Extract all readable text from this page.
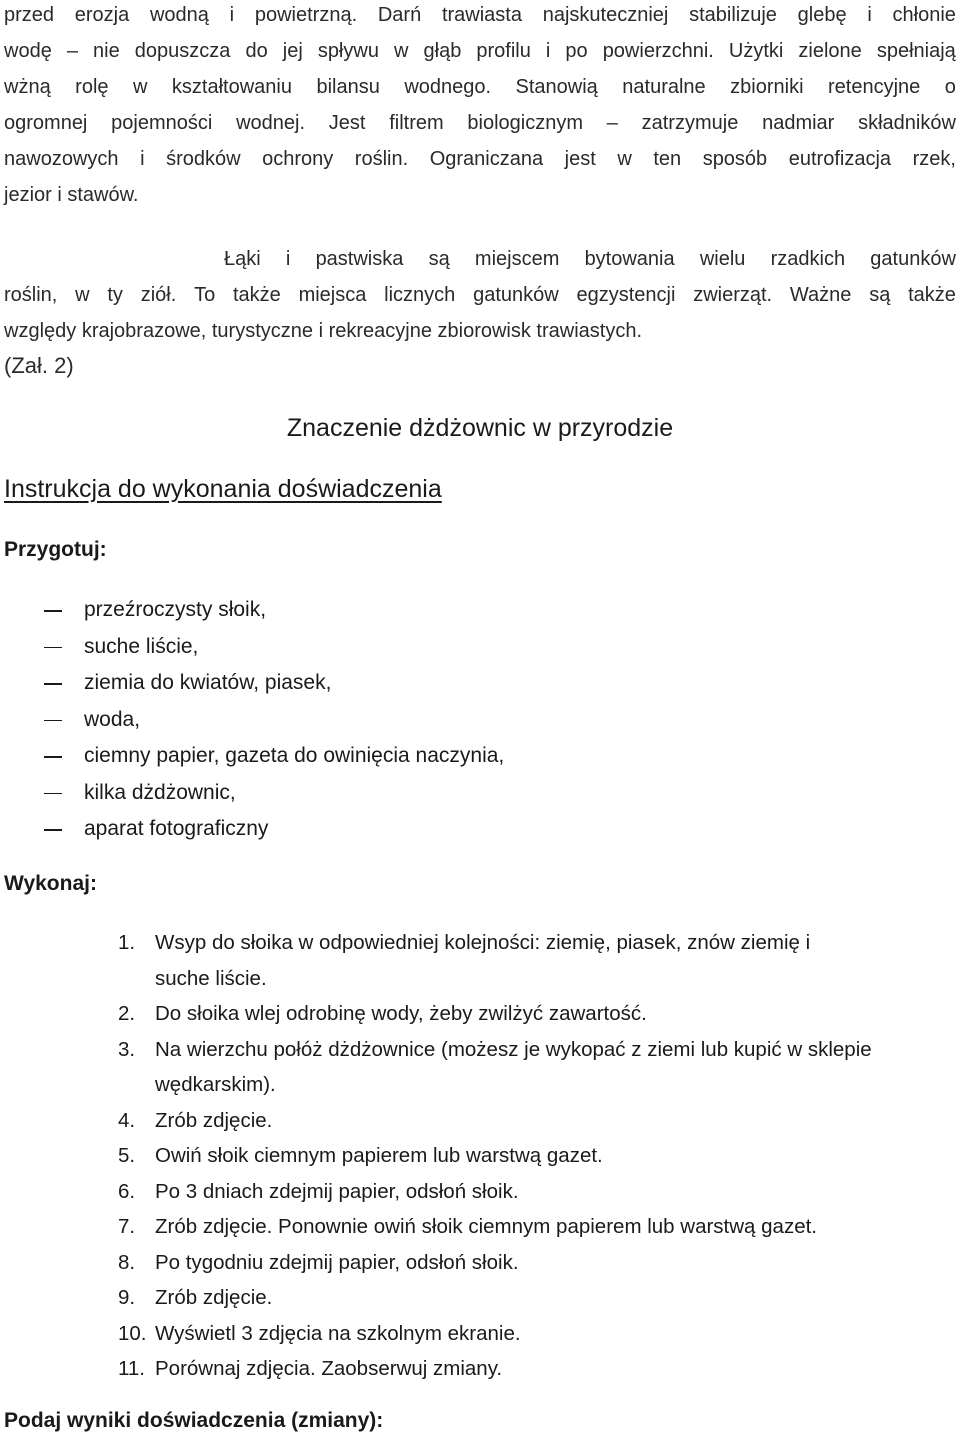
przed erozja wodną i powietrzną. Darń trawiasta najskuteczniej stabilizuje glebę i chłonie
wodę – nie dopuszcza do jej spływu w głąb profilu i po powierzchni. Użytki zielone spełniają
wżną rolę w kształtowaniu bilansu wodnego. Stanowią naturalne zbiorniki retencyjne o
ogromnej pojemności wodnej. Jest filtrem biologicznym – zatrzymuje nadmiar składników
nawozowych i środków ochrony roślin. Ograniczana jest w ten sposób eutrofizacja rzek,
jezior i stawów.
Łąki i pastwiska są miejscem bytowania wielu rzadkich gatunków
roślin, w ty ziół. To także miejsca licznych gatunków egzystencji zwierząt. Ważne są także
względy krajobrazowe, turystyczne i rekreacyjne zbiorowisk trawiastych.
(Zał. 2)
Znaczenie dżdżownic w przyrodzie
Instrukcja do wykonania doświadczenia
Przygotuj:
przeźroczysty słoik,
suche liście,
ziemia do kwiatów, piasek,
woda,
ciemny papier, gazeta do owinięcia naczynia,
kilka dżdżownic,
aparat fotograficzny
Wykonaj:
1. Wsyp do słoika w odpowiedniej kolejności: ziemię, piasek, znów ziemię i
suche liście.
2. Do słoika wlej odrobinę wody, żeby zwilżyć zawartość.
3. Na wierzchu połóż dżdżownice (możesz je wykopać z ziemi lub kupić w sklepie
wędkarskim).
4. Zrób zdjęcie.
5. Owiń słoik ciemnym papierem lub warstwą gazet.
6. Po 3 dniach zdejmij papier, odsłoń słoik.
7. Zrób zdjęcie. Ponownie owiń słoik ciemnym papierem lub warstwą gazet.
8. Po tygodniu zdejmij papier, odsłoń słoik.
9. Zrób zdjęcie.
10. Wyświetl 3 zdjęcia na szkolnym ekranie.
11. Porównaj zdjęcia. Zaobserwuj zmiany.
Podaj wyniki doświadczenia (zmiany):
